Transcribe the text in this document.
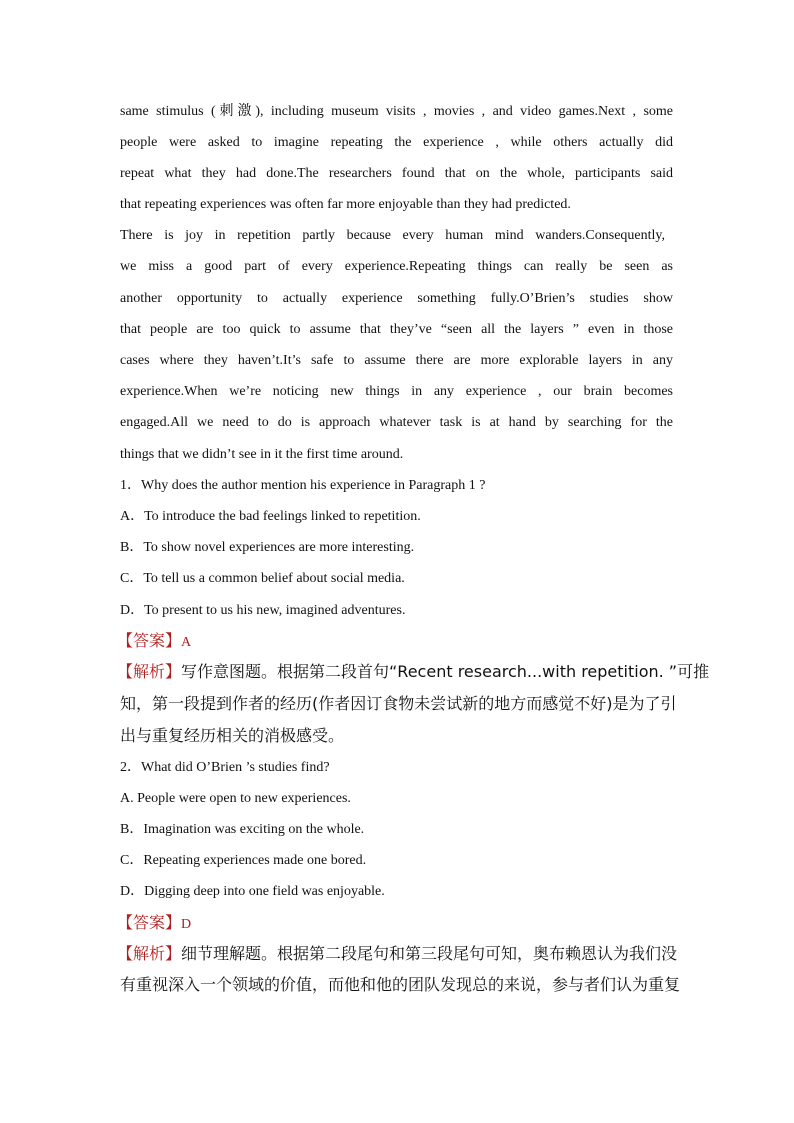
same stimulus (刺激), including museum visits , movies , and video games.Next , some
people were asked to imagine repeating the experience , while others actually did
repeat what they had done.The researchers found that on the whole, participants said
that repeating experiences was often far more enjoyable than they had predicted.
There is joy in repetition partly because every human mind wanders.Consequently,
we miss a good part of every experience.Repeating things can really be seen as
another opportunity to actually experience something fully.O’Brien’s studies show
that people are too quick to assume that they’ve “seen all the layers ” even in those
cases where they haven’t.It’s safe to assume there are more explorable layers in any
experience.When we’re noticing new things in any experience , our brain becomes
engaged.All we need to do is approach whatever task is at hand by searching for the
things that we didn’t see in it the first time around.
1．Why does the author mention his experience in Paragraph 1 ?
A．To introduce the bad feelings linked to repetition.
B．To show novel experiences are more interesting.
C．To tell us a common belief about social media.
D．To present to us his new, imagined adventures.
【答案】A
【解析】写作意图题。根据第二段首句“Recent research...with repetition. ”可推
知，第一段提到作者的经历(作者因订食物未尝试新的地方而感觉不好)是为了引
出与重复经历相关的消极感受。
2．What did O’Brien ’s studies find?
A. People were open to new experiences.
B．Imagination was exciting on the whole.
C．Repeating experiences made one bored.
D．Digging deep into one field was enjoyable.
【答案】D
【解析】细节理解题。根据第二段尾句和第三段尾句可知，奥布赖恩认为我们没
有重视深入一个领域的价值，而他和他的团队发现总的来说，参与者们认为重复
